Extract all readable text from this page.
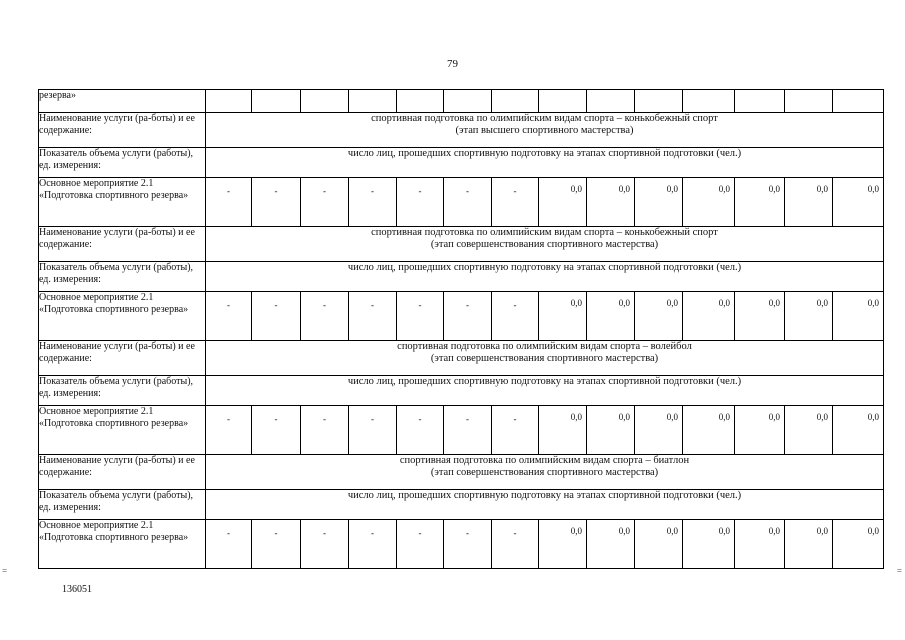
79
=	=
резерва»														
Наименование услуги (ра-боты) и ее содержание:	спортивная подготовка по олимпийским видам спорта – конькобежный спорт
(этап высшего спортивного мастерства)													

Показатель объема услуги (работы), ед. измерения:	число лиц, прошедших спортивную подготовку на этапах спортивной подготовки (чел.)													
Основное мероприятие 2.1 «Подготовка спортивного резерва»	-	-	-	-	-	-	-	0,0	0,0	0,0	0,0	0,0	0,0	0,0

Наименование услуги (ра-боты) и ее содержание:	спортивная подготовка по олимпийским видам спорта – конькобежный спорт
(этап совершенствования спортивного мастерства)													

Показатель объема услуги (работы), ед. измерения:	число лиц, прошедших спортивную подготовку на этапах спортивной подготовки (чел.)													
Основное мероприятие 2.1 «Подготовка спортивного резерва»	-	-	-	-	-	-	-	0,0	0,0	0,0	0,0	0,0	0,0	0,0

Наименование услуги (ра-боты) и ее содержание:	спортивная подготовка по олимпийским видам спорта – волейбол
(этап совершенствования спортивного мастерства)													

Показатель объема услуги (работы), ед. измерения:	число лиц, прошедших спортивную подготовку на этапах спортивной подготовки (чел.)													
Основное мероприятие 2.1 «Подготовка спортивного резерва»	-	-	-	-	-	-	-	0,0	0,0	0,0	0,0	0,0	0,0	0,0

Наименование услуги (ра-боты) и ее содержание:	спортивная подготовка по олимпийским видам спорта – биатлон
(этап совершенствования спортивного мастерства)													

Показатель объема услуги (работы), ед. измерения:	число лиц, прошедших спортивную подготовку на этапах спортивной подготовки (чел.)													
Основное мероприятие 2.1 «Подготовка спортивного резерва»	-	-	-	-	-	-	-	0,0	0,0	0,0	0,0	0,0	0,0	0,0
136051
